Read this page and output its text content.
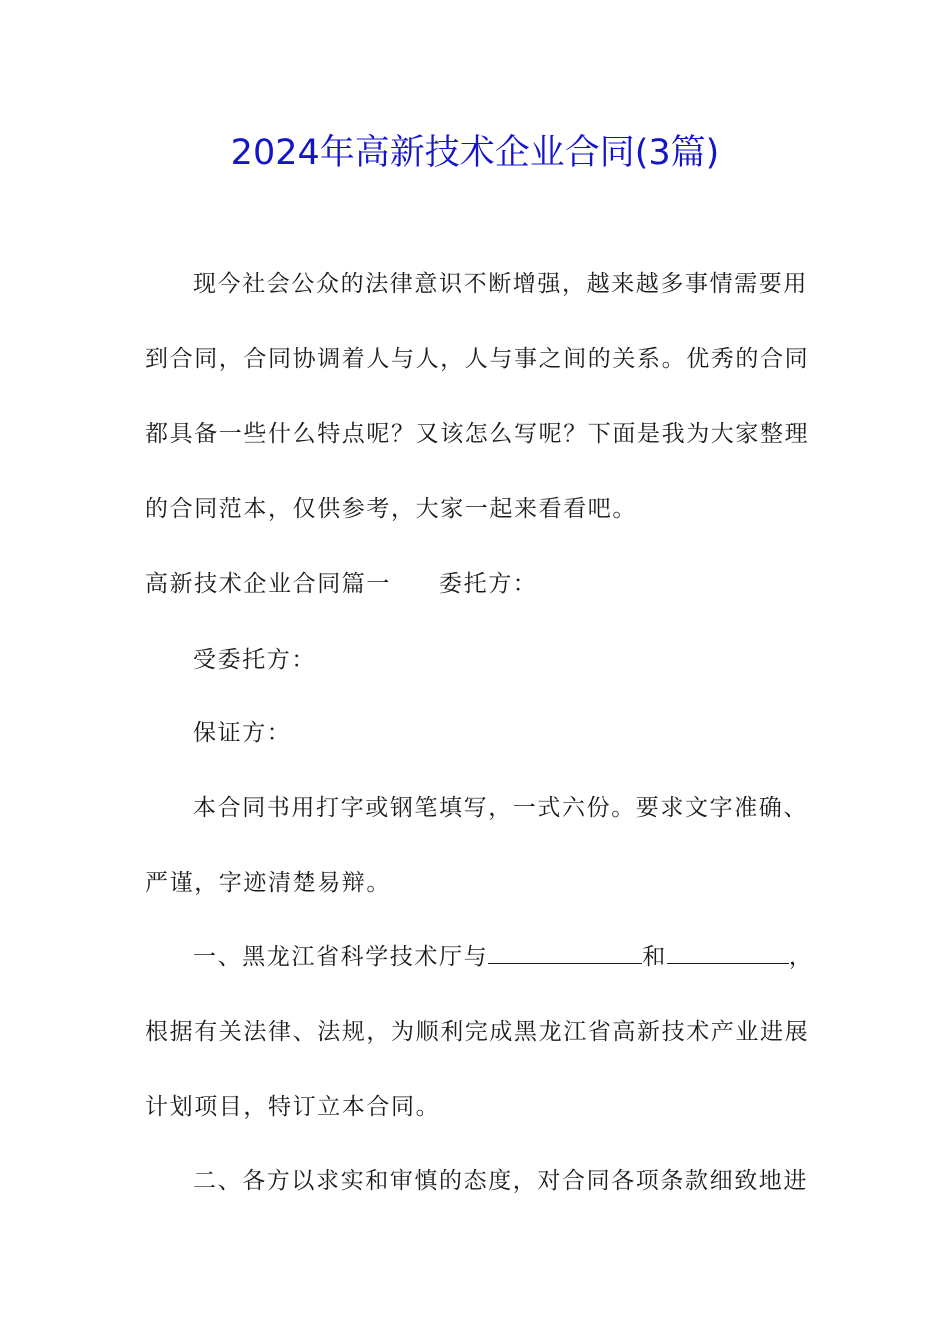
2024年高新技术企业合同(3篇)
现今社会公众的法律意识不断增强，越来越多事情需要用
到合同，合同协调着人与人，人与事之间的关系。优秀的合同
都具备一些什么特点呢？又该怎么写呢？下面是我为大家整理
的合同范本，仅供参考，大家一起来看看吧。
高新技术企业合同篇一 委托方：
受委托方：
保证方：
本合同书用打字或钢笔填写，一式六份。要求文字准确、
严谨，字迹清楚易辩。
一、黑龙江省科学技术厅与	和	，
根据有关法律、法规，为顺利完成黑龙江省高新技术产业进展
计划项目，特订立本合同。
二、各方以求实和审慎的态度，对合同各项条款细致地进
